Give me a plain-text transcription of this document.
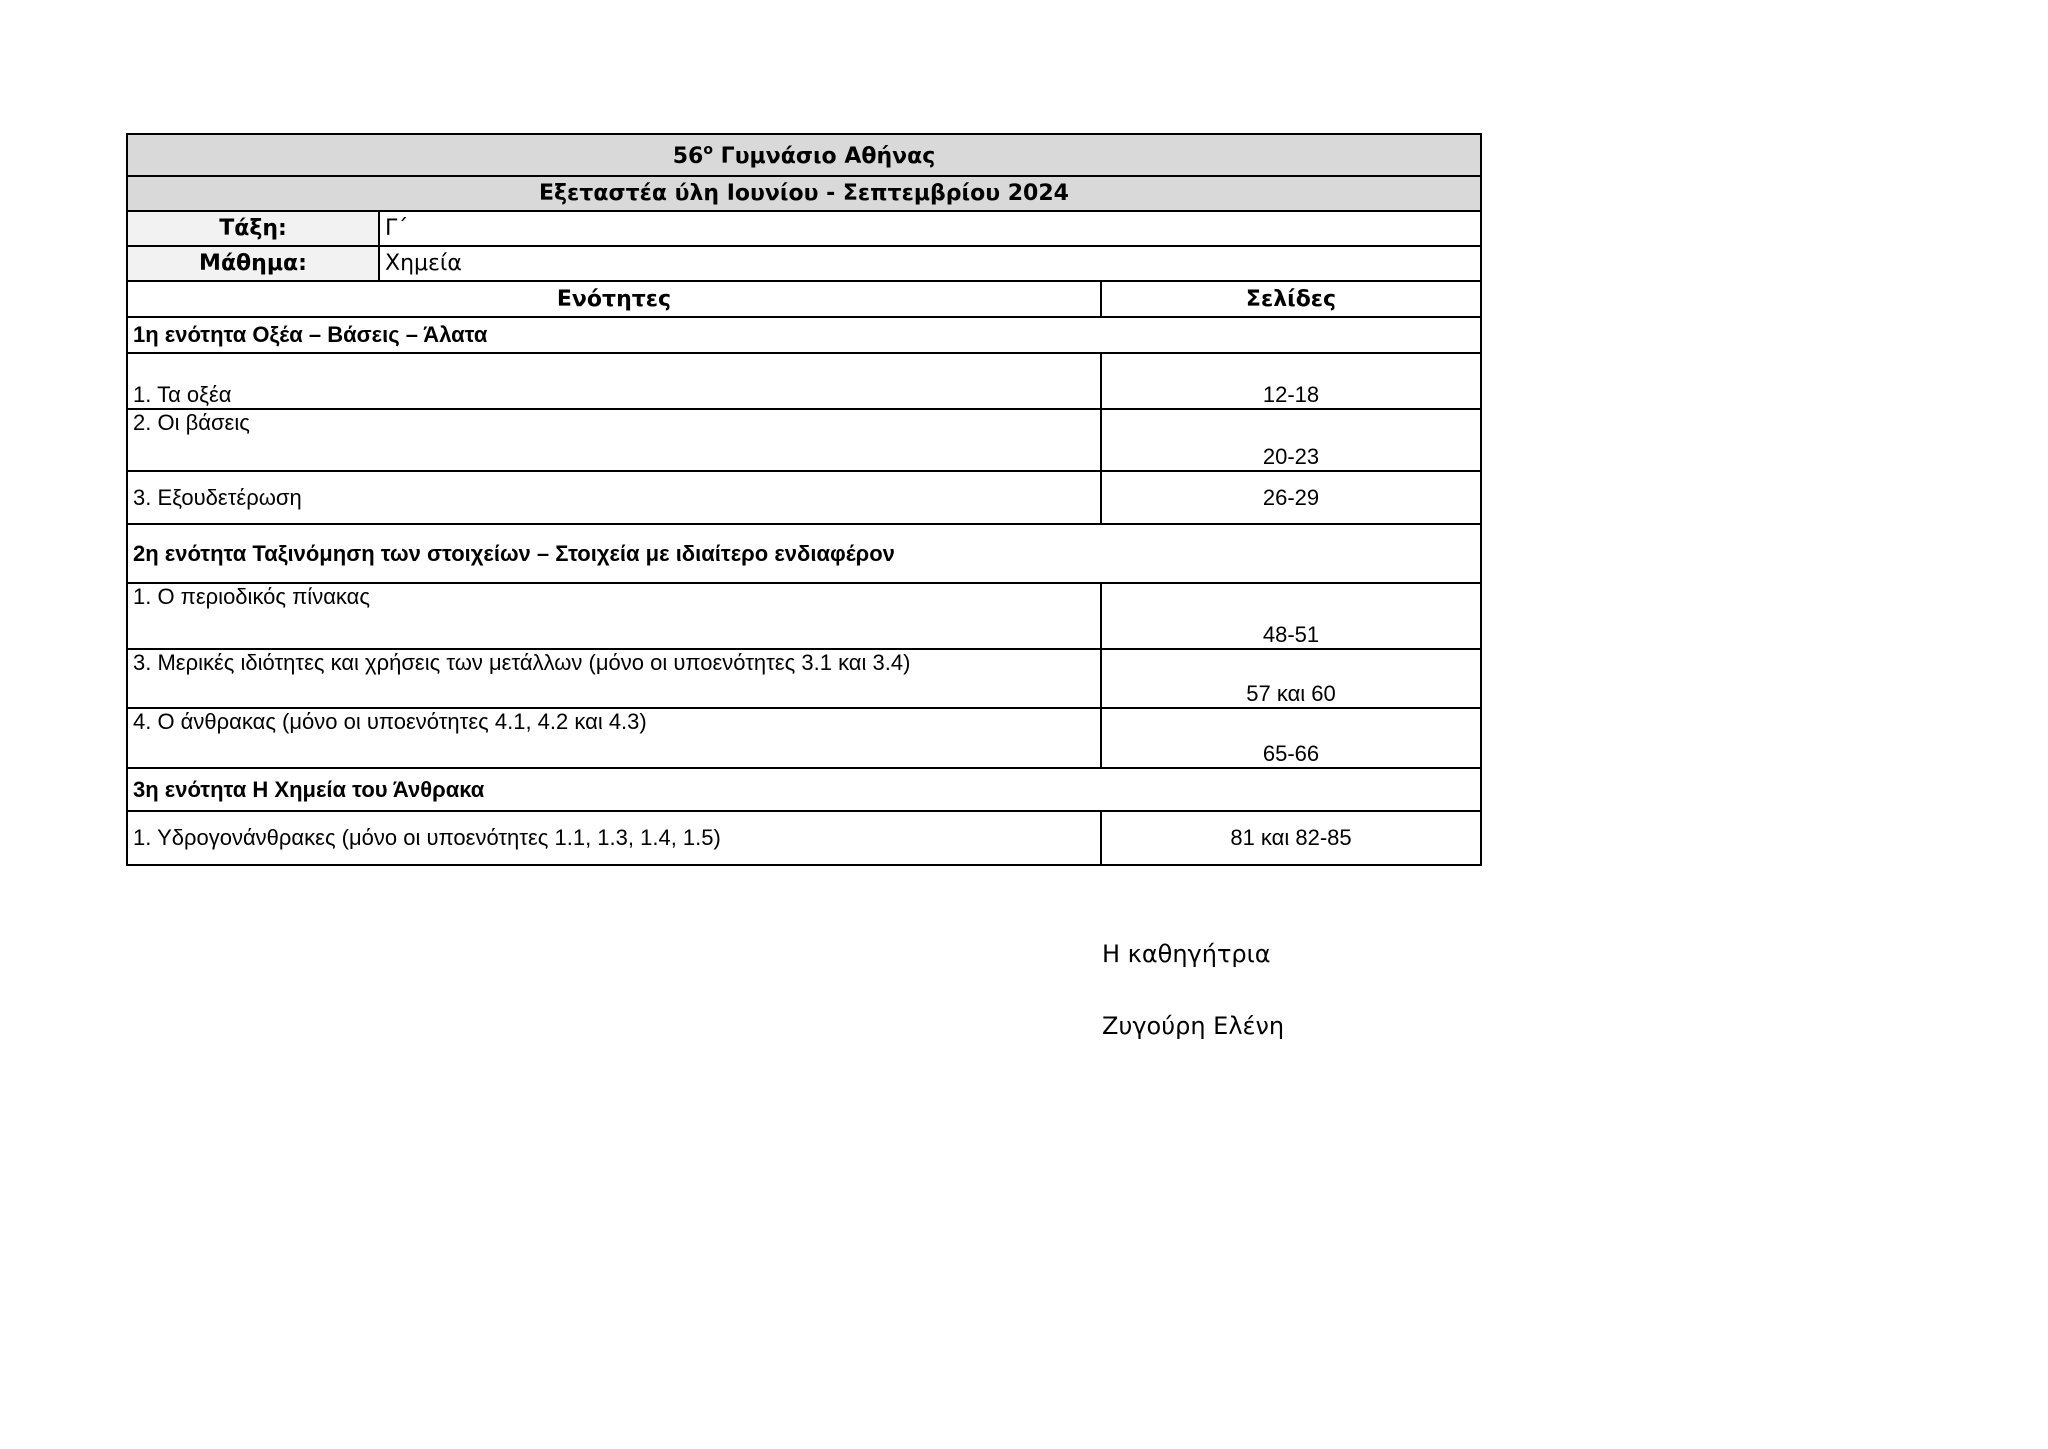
$56^o$ Γυμνάσιο Αθήνας		
Εξεταστέα ύλη Ιουνίου - Σεπτεμβρίου 2024		
Τάξη:	Γ΄	
Μάθημα:	Χημεία	
Ενότητες		Σελίδες
1η ενότητα Οξέα – Βάσεις – Άλατα		
1. Τα οξέα		12-18
2. Οι βάσεις		20-23
3. Εξουδετέρωση		26-29
2η ενότητα Ταξινόμηση των στοιχείων – Στοιχεία με ιδιαίτερο ενδιαφέρον		
1. Ο περιοδικός πίνακας		48-51
3. Μερικές ιδιότητες και χρήσεις των μετάλλων (μόνο οι υποενότητες 3.1 και 3.4)		57 και 60
4. Ο άνθρακας (μόνο οι υποενότητες 4.1, 4.2 και 4.3)		65-66
3η ενότητα Η Χημεία του Άνθρακα		
1. Υδρογονάνθρακες (μόνο οι υποενότητες 1.1, 1.3, 1.4, 1.5)		81 και 82-85
Η καθηγήτρια
Ζυγούρη Ελένη
